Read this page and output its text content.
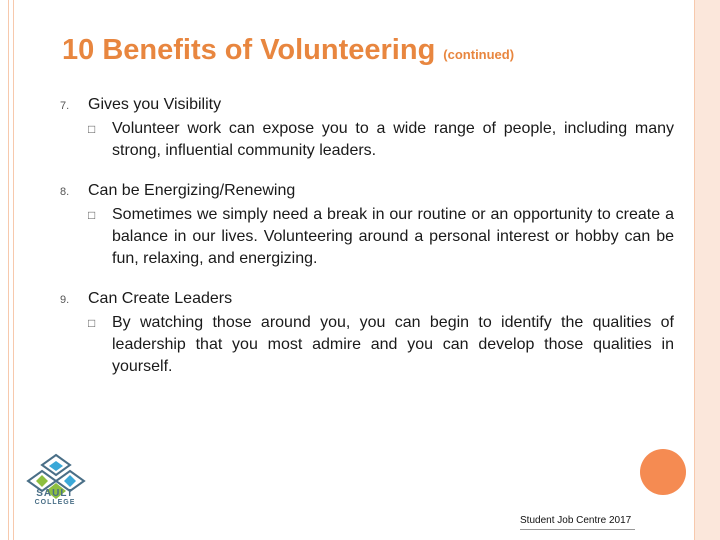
10 Benefits of Volunteering (continued)
7. Gives you Visibility
□ Volunteer work can expose you to a wide range of people, including many strong, influential community leaders.
8. Can be Energizing/Renewing
□ Sometimes we simply need a break in our routine or an opportunity to create a balance in our lives. Volunteering around a personal interest or hobby can be fun, relaxing, and energizing.
9. Can Create Leaders
□ By watching those around you, you can begin to identify the qualities of leadership that you most admire and you can develop those qualities in yourself.
SAULT
COLLEGE
Student Job Centre 2017
